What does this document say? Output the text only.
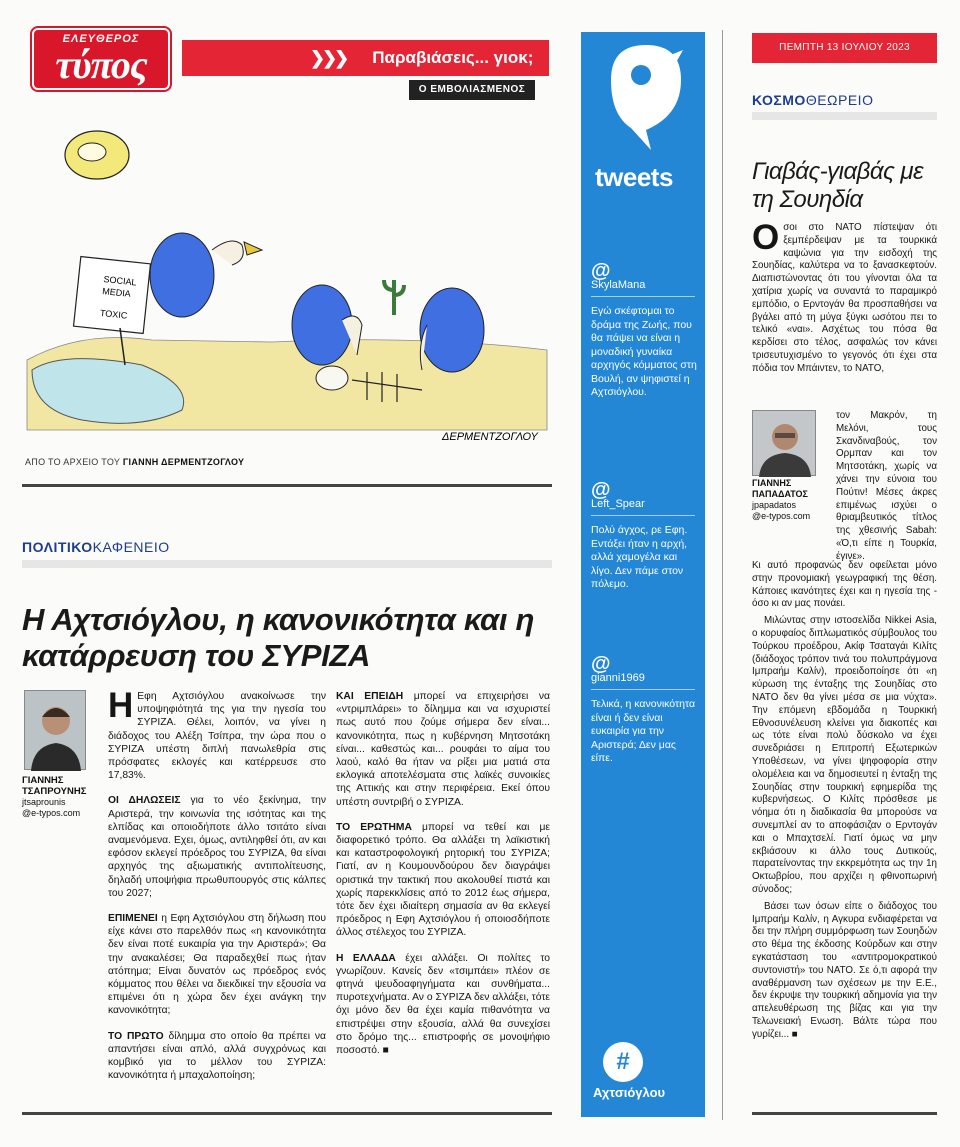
ΕΛΕΥΘΕΡΟΣ
τύπος	❯❯❯ Παραβιάσεις... γιοκ;
Ο ΕΜΒΟΛΙΑΣΜΕΝΟΣ
SOCIAL
MEDIA
TOXIC
ΔΕΡΜΕΝΤΖΟΓΛΟΥ
ΑΠΟ ΤΟ ΑΡΧΕΙΟ ΤΟΥ ΓΙΑΝΝΗ ΔΕΡΜΕΝΤΖΟΓΛΟΥ
ΠΟΛΙΤΙΚΟΚΑΦΕΝΕΙΟ
Η Αχτσιόγλου, η κανονικότητα και η κατάρρευση του ΣΥΡΙΖΑ
ΓΙΑΝΝΗΣ ΤΣΑΠΡΟΥΝΗΣ
jtsaprounis
@e-typos.com

Η Εφη Αχτσιόγλου ανακοίνωσε την υποψηφιότητά της για την ηγεσία του ΣΥΡΙΖΑ. Θέλει, λοιπόν, να γίνει η διάδοχος του Αλέξη Τσίπρα, την ώρα που ο ΣΥΡΙΖΑ υπέστη διπλή πανωλεθρία στις πρόσφατες εκλογές και κατέρρευσε στο 17,83%.

ΟΙ ΔΗΛΩΣΕΙΣ για το νέο ξεκίνημα, την Αριστερά, την κοινωνία της ισότητας και της ελπίδας και οποιοδήποτε άλλο τσιτάτο είναι αναμενόμενα. Εχει, όμως, αντιληφθεί ότι, αν και εφόσον εκλεγεί πρόεδρος του ΣΥΡΙΖΑ, θα είναι αρχηγός της αξιωματικής αντιπολίτευσης, δηλαδή υποψήφια πρωθυπουργός στις κάλπες του 2027;

ΕΠΙΜΕΝΕΙ η Εφη Αχτσιόγλου στη δήλωση που είχε κάνει στο παρελθόν πως «η κανονικότητα δεν είναι ποτέ ευκαιρία για την Αριστερά»; Θα την ανακαλέσει; Θα παραδεχθεί πως ήταν ατόπημα; Είναι δυνατόν ως πρόεδρος ενός κόμματος που θέλει να διεκδικεί την εξουσία να επιμένει ότι η χώρα δεν έχει ανάγκη την κανονικότητα;

ΤΟ ΠΡΩΤΟ δίλημμα στο οποίο θα πρέπει να απαντήσει είναι απλό, αλλά συγχρόνως και κομβικό για το μέλλον του ΣΥΡΙΖΑ: κανονικότητα ή μπαχαλοποίηση;

ΚΑΙ ΕΠΕΙΔΗ μπορεί να επιχειρήσει να «ντριμπλάρει» το δίλημμα και να ισχυριστεί πως αυτό που ζούμε σήμερα δεν είναι... κανονικότητα, πως η κυβέρνηση Μητσοτάκη είναι... καθεστώς και... ρουφάει το αίμα του λαού, καλό θα ήταν να ρίξει μια ματιά στα εκλογικά αποτελέσματα στις λαϊκές συνοικίες της Αττικής και στην περιφέρεια. Εκεί όπου υπέστη συντριβή ο ΣΥΡΙΖΑ.

ΤΟ ΕΡΩΤΗΜΑ μπορεί να τεθεί και με διαφορετικό τρόπο. Θα αλλάξει τη λαϊκιστική και καταστροφολογική ρητορική του ΣΥΡΙΖΑ; Γιατί, αν η Κουμουνδούρου δεν διαγράψει οριστικά την τακτική που ακολουθεί πιστά και χωρίς παρεκκλίσεις από το 2012 έως σήμερα, τότε δεν έχει ιδιαίτερη σημασία αν θα εκλεγεί πρόεδρος η Εφη Αχτσιόγλου ή οποιοσδήποτε άλλος στέλεχος του ΣΥΡΙΖΑ.

Η ΕΛΛΑΔΑ έχει αλλάξει. Οι πολίτες το γνωρίζουν. Κανείς δεν «τσιμπάει» πλέον σε φτηνά ψευδοαφηγήματα και συνθήματα... πυροτεχνήματα. Αν ο ΣΥΡΙΖΑ δεν αλλάξει, τότε όχι μόνο δεν θα έχει καμία πιθανότητα να επιστρέψει στην εξουσία, αλλά θα συνεχίσει στο δρόμο της... επιστροφής σε μονοψήφιο ποσοστό. ■

tweets
@
SkylaMana
Εγώ σκέφτομαι το δράμα της Ζωής, που θα πάψει να είναι η μοναδική γυναίκα αρχηγός κόμματος στη Βουλή, αν ψηφιστεί η Αχτσιόγλου.
@
Left_Spear
Πολύ άγχος, ρε Εφη. Εντάξει ήταν η αρχή, αλλά χαμογέλα και λίγο. Δεν πάμε στον πόλεμο.
@
gianni1969
Τελικά, η κανονικότητα είναι ή δεν είναι ευκαιρία για την Αριστερά; Δεν μας είπε.
#
Αχτσιόγλου
ΠΕΜΠΤΗ 13 ΙΟΥΛΙΟΥ 2023
ΚΟΣΜΟΘΕΩΡΕΙΟ
Γιαβάς-γιαβάς με τη Σουηδία
Οσοι στο ΝΑΤΟ πίστεψαν ότι ξεμπέρδεψαν με τα τουρκικά καψώνια για την εισδοχή της Σουηδίας, καλύτερα να το ξανασκεφτούν. Διαπιστώνοντας ότι του γίνονται όλα τα χατίρια χωρίς να συναντά το παραμικρό εμπόδιο, ο Ερντογάν θα προσπαθήσει να βγάλει από τη μύγα ξύγκι ωσότου πει το τελικό «ναι». Ασχέτως του πόσα θα κερδίσει στο τέλος, ασφαλώς τον κάνει τρισευτυχισμένο το γεγονός ότι έχει στα πόδια τον Μπάιντεν, το ΝΑΤΟ,
ΓΙΑΝΝΗΣ ΠΑΠΑΔΑΤΟΣ
jpapadatos
@e-typos.com
τον Μακρόν, τη Μελόνι, τους Σκανδιναβούς, τον Ορμπαν και τον Μητσοτάκη, χωρίς να χάνει την εύνοια του Πούτιν! Μέσες άκρες επιμένως ισχύει ο θριαμβευτικός τίτλος της χθεσινής Sabah: «Ό,τι είπε η Τουρκία, έγινε».

Κι αυτό προφανώς δεν οφείλεται μόνο στην προνομιακή γεωγραφική της θέση. Κάποιες ικανότητες έχει και η ηγεσία της - όσο κι αν μας πονάει.

Μιλώντας στην ιστοσελίδα Nikkei Asia, ο κορυφαίος διπλωματικός σύμβουλος του Τούρκου προέδρου, Ακίφ Τσαταγάι Κιλίτς (διάδοχος τρόπον τινά του πολυπράγμονα Ιμπραήμ Καλίν), προειδοποίησε ότι «η κύρωση της ένταξης της Σουηδίας στο ΝΑΤΟ δεν θα γίνει μέσα σε μια νύχτα». Την επόμενη εβδομάδα η Τουρκική Εθνοσυνέλευση κλείνει για διακοπές και ως τότε είναι πολύ δύσκολο να έχει συνεδριάσει η Επιτροπή Εξωτερικών Υποθέσεων, να γίνει ψηφοφορία στην ολομέλεια και να δημοσιευτεί η ένταξη της Σουηδίας στην τουρκική εφημερίδα της κυβερνήσεως. Ο Κιλίτς πρόσθεσε με νόημα ότι η διαδικασία θα μπορούσε να συνεμπλεί αν το αποφάσιζαν ο Ερντογάν και ο Μπαχτσελί. Γιατί όμως να μην εκβιάσουν κι άλλο τους Δυτικούς, παρατείνοντας την εκκρεμότητα ως την 1η Οκτωβρίου, που αρχίζει η φθινοπωρινή σύνοδος;

Βάσει των όσων είπε ο διάδοχος του Ιμπραήμ Καλίν, η Αγκυρα ενδιαφέρεται να δει την πλήρη συμμόρφωση των Σουηδών στο θέμα της έκδοσης Κούρδων και στην εγκατάσταση του «αντιτρομοκρατικού συντονιστή» του ΝΑΤΟ. Σε ό,τι αφορά την αναθέρμανση των σχέσεων με την Ε.Ε., δεν έκρυψε την τουρκική αδημονία για την απελευθέρωση της βίζας και για την Τελωνειακή Ενωση. Βάλτε τώρα που γυρίζει... ■
